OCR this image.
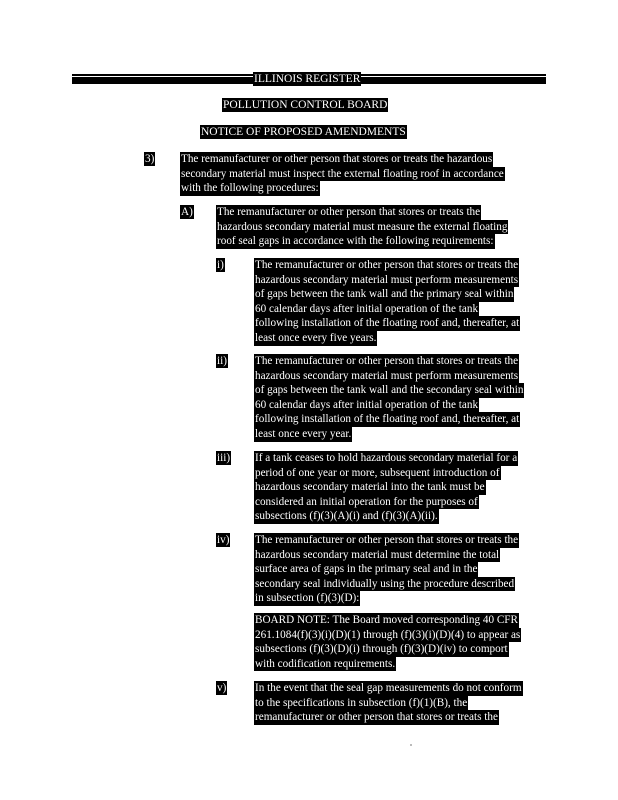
ILLINOIS REGISTER
POLLUTION CONTROL BOARD
NOTICE OF PROPOSED AMENDMENTS
3) The remanufacturer or other person that stores or treats the hazardous
secondary material must inspect the external floating roof in accordance
with the following procedures:
A) The remanufacturer or other person that stores or treats the
hazardous secondary material must measure the external floating
roof seal gaps in accordance with the following requirements:
i)	The remanufacturer or other person that stores or treats the
hazardous secondary material must perform measurements
of gaps between the tank wall and the primary seal within
60 calendar days after initial operation of the tank
following installation of the floating roof and, thereafter, at
least once every five years.
ii)	The remanufacturer or other person that stores or treats the
hazardous secondary material must perform measurements
of gaps between the tank wall and the secondary seal within
60 calendar days after initial operation of the tank
following installation of the floating roof and, thereafter, at
least once every year.
iii) If a tank ceases to hold hazardous secondary material for a
period of one year or more, subsequent introduction of
hazardous secondary material into the tank must be
considered an initial operation for the purposes of
subsections (f)(3)(A)(i) and (f)(3)(A)(ii).
iv) The remanufacturer or other person that stores or treats the
hazardous secondary material must determine the total
surface area of gaps in the primary seal and in the
secondary seal individually using the procedure described
in subsection (f)(3)(D):
BOARD NOTE: The Board moved corresponding 40 CFR
261.1084(f)(3)(i)(D)(1) through (f)(3)(i)(D)(4) to appear as
subsections (f)(3)(D)(i) through (f)(3)(D)(iv) to comport
with codification requirements.
v)	In the event that the seal gap measurements do not conform
to the specifications in subsection (f)(1)(B), the
remanufacturer or other person that stores or treats the
